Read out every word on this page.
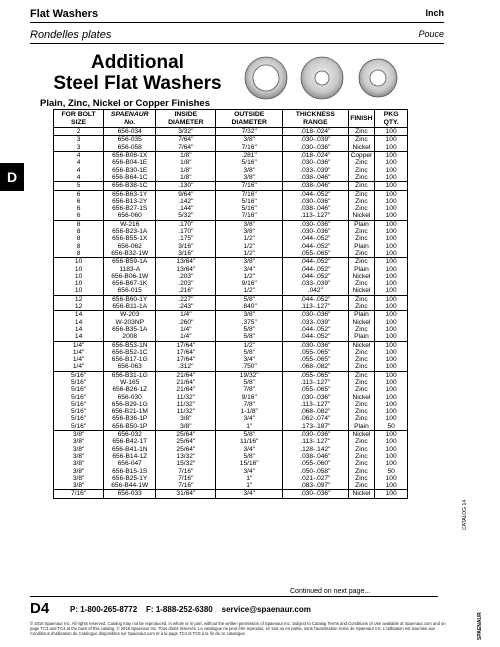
Flat Washers	Inch
Rondelles plates	Pouce
D
Additional
Steel Flat Washers
Plain, Zinc, Nickel or Copper Finishes
FOR BOLT SIZE	SPAENAUR No.	INSIDE DIAMETER	OUTSIDE DIAMETER	THICKNESS RANGE	FINISH	PKG QTY.
2	656-034	3/32"	7/32"	.018-.024"	Zinc	100
3	656-035	7/64"	3/8"	.030-.039"	Zinc	100
3	656-058	7/64"	7/16"	.030-.036"	Nickel	100
4	656-B08-1X	1/8"	.281"	.018-.024"	Copper	100
4	656-B04-1E	1/8"	5/16"	.030-.036"	Zinc	100
4	656-B30-1E	1/8"	3/8"	.033-.039"	Zinc	100
4	656-B64-1C	1/8"	3/8"	.038-.046"	Zinc	100
5	656-B38-1C	.130"	7/16"	.038-.046"	Zinc	100
6	656-B63-1Y	9/64"	7/16"	.044-.052"	Zinc	100
6	656-B13-2Y	.142"	5/16"	.030-.036"	Zinc	100
6	656-B27-1S	.144"	5/16"	.038-.046"	Zinc	100
6	656-060	5/32"	7/16"	.113-.127"	Nickel	100
8	W-216	.170"	3/8"	.030-.036"	Plain	100
8	656-B23-1A	.170"	3/8"	.030-.036"	Zinc	100
8	656-B55-1X	.175"	1/2"	.044-.052"	Zinc	100
8	656-062	3/16"	1/2"	.044-.052"	Plain	100
8	656-B32-1W	3/16"	1/2"	.055-.065"	Zinc	100
10	656-B59-1A	13/64"	3/8"	.044-.052"	Zinc	100
10	1183-A	13/64"	3/4"	.044-.052"	Plain	100
10	656-B06-1W	.203"	1/2"	.044-.052"	Nickel	100
10	656-B67-1K	.203"	9/16"	.033-.039"	Zinc	100
10	656-015	.216"	1/2"	.042"	Nickel	100
12	656-B60-1Y	.227"	5/8"	.044-.052"	Zinc	100
12	656-B11-1A	.243"	.840"	.113-.127"	Zinc	100
14	W-203	1/4"	3/8"	.030-.036"	Plain	100
14	W-203NP	.260"	.375"	.033-.039"	Nickel	100
14	656-B35-1A	1/4"	5/8"	.044-.052"	Zinc	100
14	2008	1/4"	5/8"	.044-.052"	Plain	100
1/4"	656-B53-1N	17/64"	1/2"	.030-.036"	Nickel	100
1/4"	656-B52-1C	17/64"	5/8"	.055-.065"	Zinc	100
1/4"	656-B17-1G	17/64"	3/4"	.055-.065"	Zinc	100
1/4"	656-063	.312"	.750"	.068-.082"	Zinc	100
5/16"	656-B31-1G	21/64"	19/32"	.055-.065"	Zinc	100
5/16"	W-165	21/64"	5/8"	.113-.127"	Zinc	100
5/16"	656-B26-1Z	21/64"	7/8"	.055-.065"	Zinc	100
5/16"	656-030	11/32"	9/16"	.030-.036"	Nickel	100
5/16"	656-B29-1G	11/32"	7/8"	.113-.127"	Zinc	100
5/16"	656-B21-1M	11/32"	1-1/8"	.068-.082"	Zinc	100
5/16"	656-B36-1P	3/8"	3/4"	.062-.074"	Zinc	100
5/16"	656-B50-1P	3/8"	1"	.173-.187"	Plain	50
3/8"	656-032	25/64"	5/8"	.030-.036"	Nickel	100
3/8"	656-B42-1T	25/64"	11/16"	.113-.127"	Zinc	100
3/8"	656-B41-1N	25/64"	3/4"	.128-.142"	Zinc	100
3/8"	656-B14-1Z	13/32"	5/8"	.038-.046"	Zinc	100
3/8"	656-047	15/32"	15/16"	.055-.060"	Zinc	100
3/8"	656-B15-1S	7/16"	3/4"	.050-.058"	Zinc	50
3/8"	656-B25-1Y	7/16"	1"	.021-.027"	Zinc	100
3/8"	656-B44-1W	7/16"	1"	.083-.097"	Zinc	100
7/16"	656-033	31/64"	3/4"	.030-.036"	Nickel	100
Continued on next page...
D4	P: 1-800-265-8772 F: 1-888-252-6380 service@spaenaur.com
© 2018 Spaenaur Inc. All rights reserved. Catalog may not be reproduced, in whole or in part, without the written permission of Spaenaur Inc. Subject to Catalog Terms and Conditions of Use available at Spaenaur.com and on page TC3 and TC4 at the back of this catalog. © 2018 Spaenaur Inc. Tous droits réservés. Le catalogue ne peut être reproduit, en tout ou en partie, sans l'autorisation écrite de Spaenaur Inc. L'utilisation est soumise aux Conditions d'utilisation du Catalogue disponibles sur Spaenaur.com et à la page TC4 et TC5 à la fin de ce catalogue.
CATALOG 14
SPAENAUR
